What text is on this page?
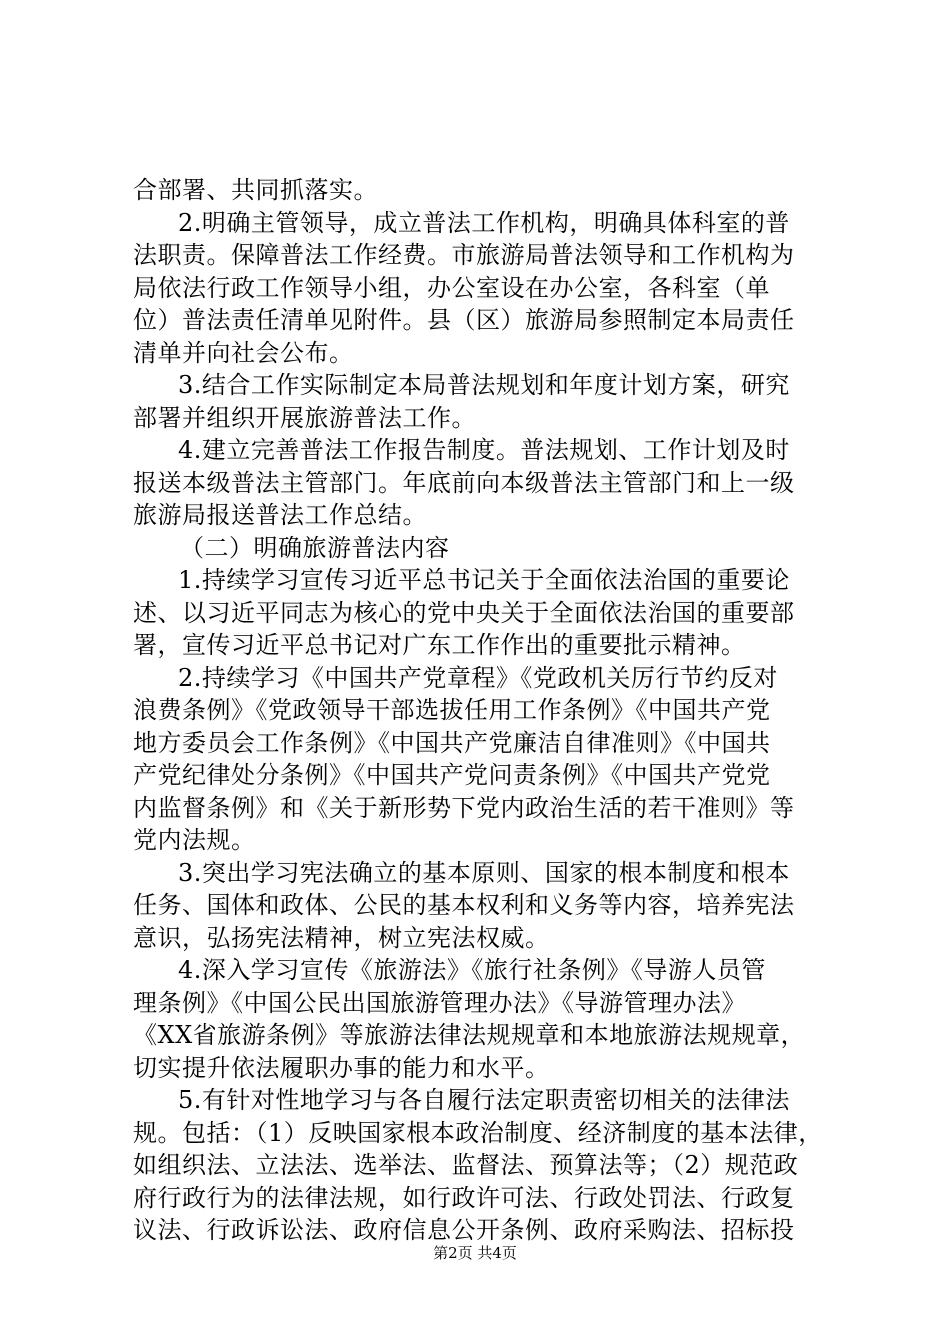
合部署、共同抓落实。
2.明确主管领导，成立普法工作机构，明确具体科室的普
法职责。保障普法工作经费。市旅游局普法领导和工作机构为
局依法行政工作领导小组，办公室设在办公室，各科室（单
位）普法责任清单见附件。县（区）旅游局参照制定本局责任
清单并向社会公布。
3.结合工作实际制定本局普法规划和年度计划方案，研究
部署并组织开展旅游普法工作。
4.建立完善普法工作报告制度。普法规划、工作计划及时
报送本级普法主管部门。年底前向本级普法主管部门和上一级
旅游局报送普法工作总结。
（二）明确旅游普法内容
1.持续学习宣传习近平总书记关于全面依法治国的重要论
述、以习近平同志为核心的党中央关于全面依法治国的重要部
署，宣传习近平总书记对广东工作作出的重要批示精神。
2.持续学习《中国共产党章程》《党政机关厉行节约反对
浪费条例》《党政领导干部选拔任用工作条例》《中国共产党
地方委员会工作条例》《中国共产党廉洁自律准则》《中国共
产党纪律处分条例》《中国共产党问责条例》《中国共产党党
内监督条例》和《关于新形势下党内政治生活的若干准则》等
党内法规。
3.突出学习宪法确立的基本原则、国家的根本制度和根本
任务、国体和政体、公民的基本权利和义务等内容，培养宪法
意识，弘扬宪法精神，树立宪法权威。
4.深入学习宣传《旅游法》《旅行社条例》《导游人员管
理条例》《中国公民出国旅游管理办法》《导游管理办法》
《XX省旅游条例》等旅游法律法规规章和本地旅游法规规章，
切实提升依法履职办事的能力和水平。
5.有针对性地学习与各自履行法定职责密切相关的法律法
规。包括：（1）反映国家根本政治制度、经济制度的基本法律，
如组织法、立法法、选举法、监督法、预算法等；（2）规范政
府行政行为的法律法规，如行政许可法、行政处罚法、行政复
议法、行政诉讼法、政府信息公开条例、政府采购法、招标投
第2页 共4页
